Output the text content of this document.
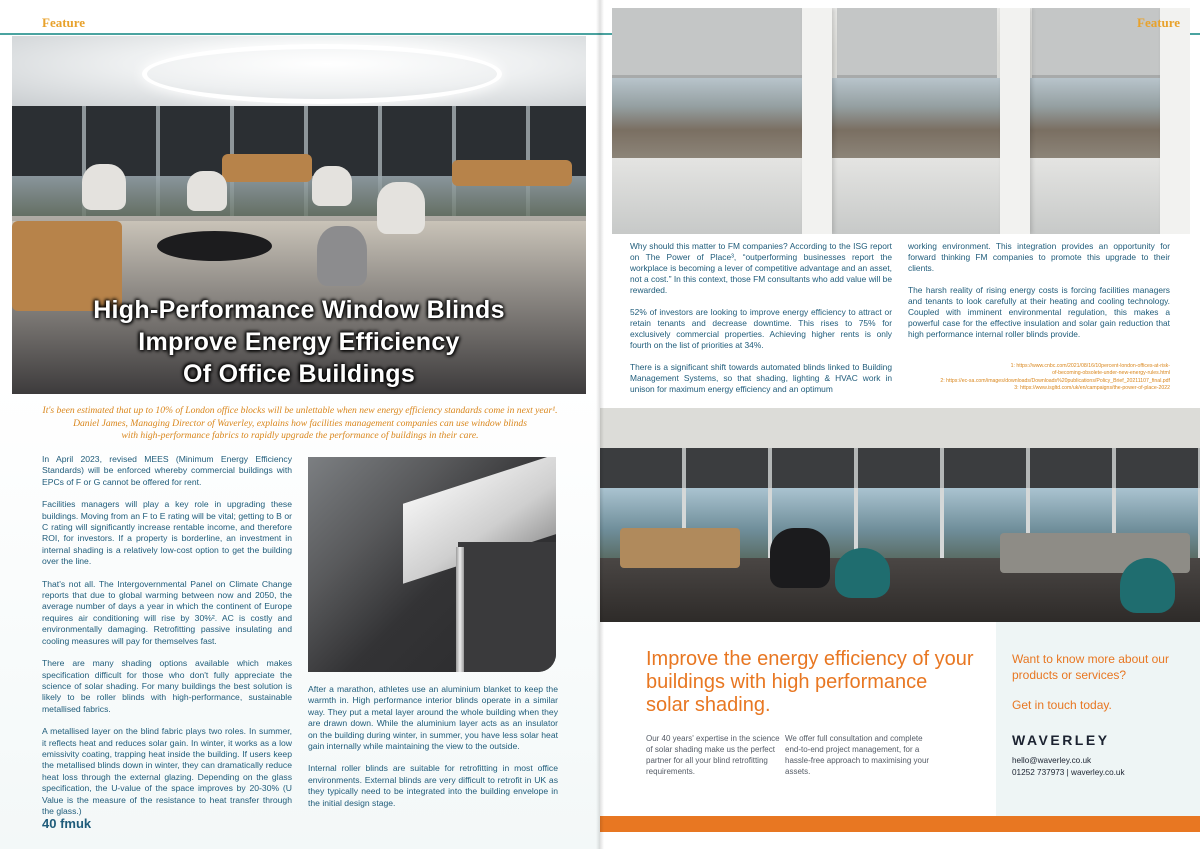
Feature
High-Performance Window Blinds
Improve Energy Efficiency
Of Office Buildings
It's been estimated that up to 10% of London office blocks will be unlettable when new energy efficiency standards come in next year¹.
Daniel James, Managing Director of Waverley, explains how facilities management companies can use window blinds
with high-performance fabrics to rapidly upgrade the performance of buildings in their care.

In April 2023, revised MEES (Minimum Energy Efficiency Standards) will be enforced whereby commercial buildings with EPCs of F or G cannot be offered for rent.

Facilities managers will play a key role in upgrading these buildings. Moving from an F to E rating will be vital; getting to B or C rating will significantly increase rentable income, and therefore ROI, for investors. If a property is borderline, an investment in internal shading is a relatively low-cost option to get the building over the line.

That's not all. The Intergovernmental Panel on Climate Change reports that due to global warming between now and 2050, the average number of days a year in which the continent of Europe requires air conditioning will rise by 30%². AC is costly and environmentally damaging. Retrofitting passive insulating and cooling measures will pay for themselves fast.

There are many shading options available which makes specification difficult for those who don't fully appreciate the science of solar shading. For many buildings the best solution is likely to be roller blinds with high-performance, sustainable metallised fabrics.

A metallised layer on the blind fabric plays two roles. In summer, it reflects heat and reduces solar gain. In winter, it works as a low emissivity coating, trapping heat inside the building. If users keep the metallised blinds down in winter, they can dramatically reduce heat loss through the external glazing. Depending on the glass specification, the U-value of the space improves by 20-30% (U Value is the measure of the resistance to heat transfer through the glass.)

After a marathon, athletes use an aluminium blanket to keep the warmth in. High performance interior blinds operate in a similar way. They put a metal layer around the whole building when they are drawn down. While the aluminium layer acts as an insulator on the building during winter, in summer, you have less solar heat gain internally while maintaining the view to the outside.

Internal roller blinds are suitable for retrofitting in most office environments. External blinds are very difficult to retrofit in UK as they typically need to be integrated into the building envelope in the initial design stage.

40 fmuk
Feature

Why should this matter to FM companies? According to the ISG report on The Power of Place³, “outperforming businesses report the workplace is becoming a lever of competitive advantage and an asset, not a cost.” In this context, those FM consultants who add value will be rewarded.

52% of investors are looking to improve energy efficiency to attract or retain tenants and decrease downtime. This rises to 75% for exclusively commercial properties. Achieving higher rents is only fourth on the list of priorities at 34%.

There is a significant shift towards automated blinds linked to Building Management Systems, so that shading, lighting & HVAC work in unison for maximum energy efficiency and an optimum

working environment. This integration provides an opportunity for forward thinking FM companies to promote this upgrade to their clients.

The harsh reality of rising energy costs is forcing facilities managers and tenants to look carefully at their heating and cooling technology. Coupled with imminent environmental regulation, this makes a powerful case for the effective insulation and solar gain reduction that high performance internal roller blinds provide.

1: https://www.cnbc.com/2021/08/16/10percent-london-offices-at-risk-
of-becoming-obsolete-under-new-energy-rules.html
2: https://ec-sa.com/images/downloads/Downloads%20publications/Policy_Brief_20211107_final.pdf
3: https://www.isgltd.com/uk/en/campaigns/the-power-of-place-2022
Improve the energy efficiency of your buildings with high performance solar shading.
Our 40 years' expertise in the science of solar shading make us the perfect partner for all your blind retrofitting requirements.
We offer full consultation and complete end-to-end project management, for a hassle-free approach to maximising your assets.
Want to know more about our products or services?
Get in touch today.
WAVERLEY
hello@waverley.co.uk
01252 737973 | waverley.co.uk
